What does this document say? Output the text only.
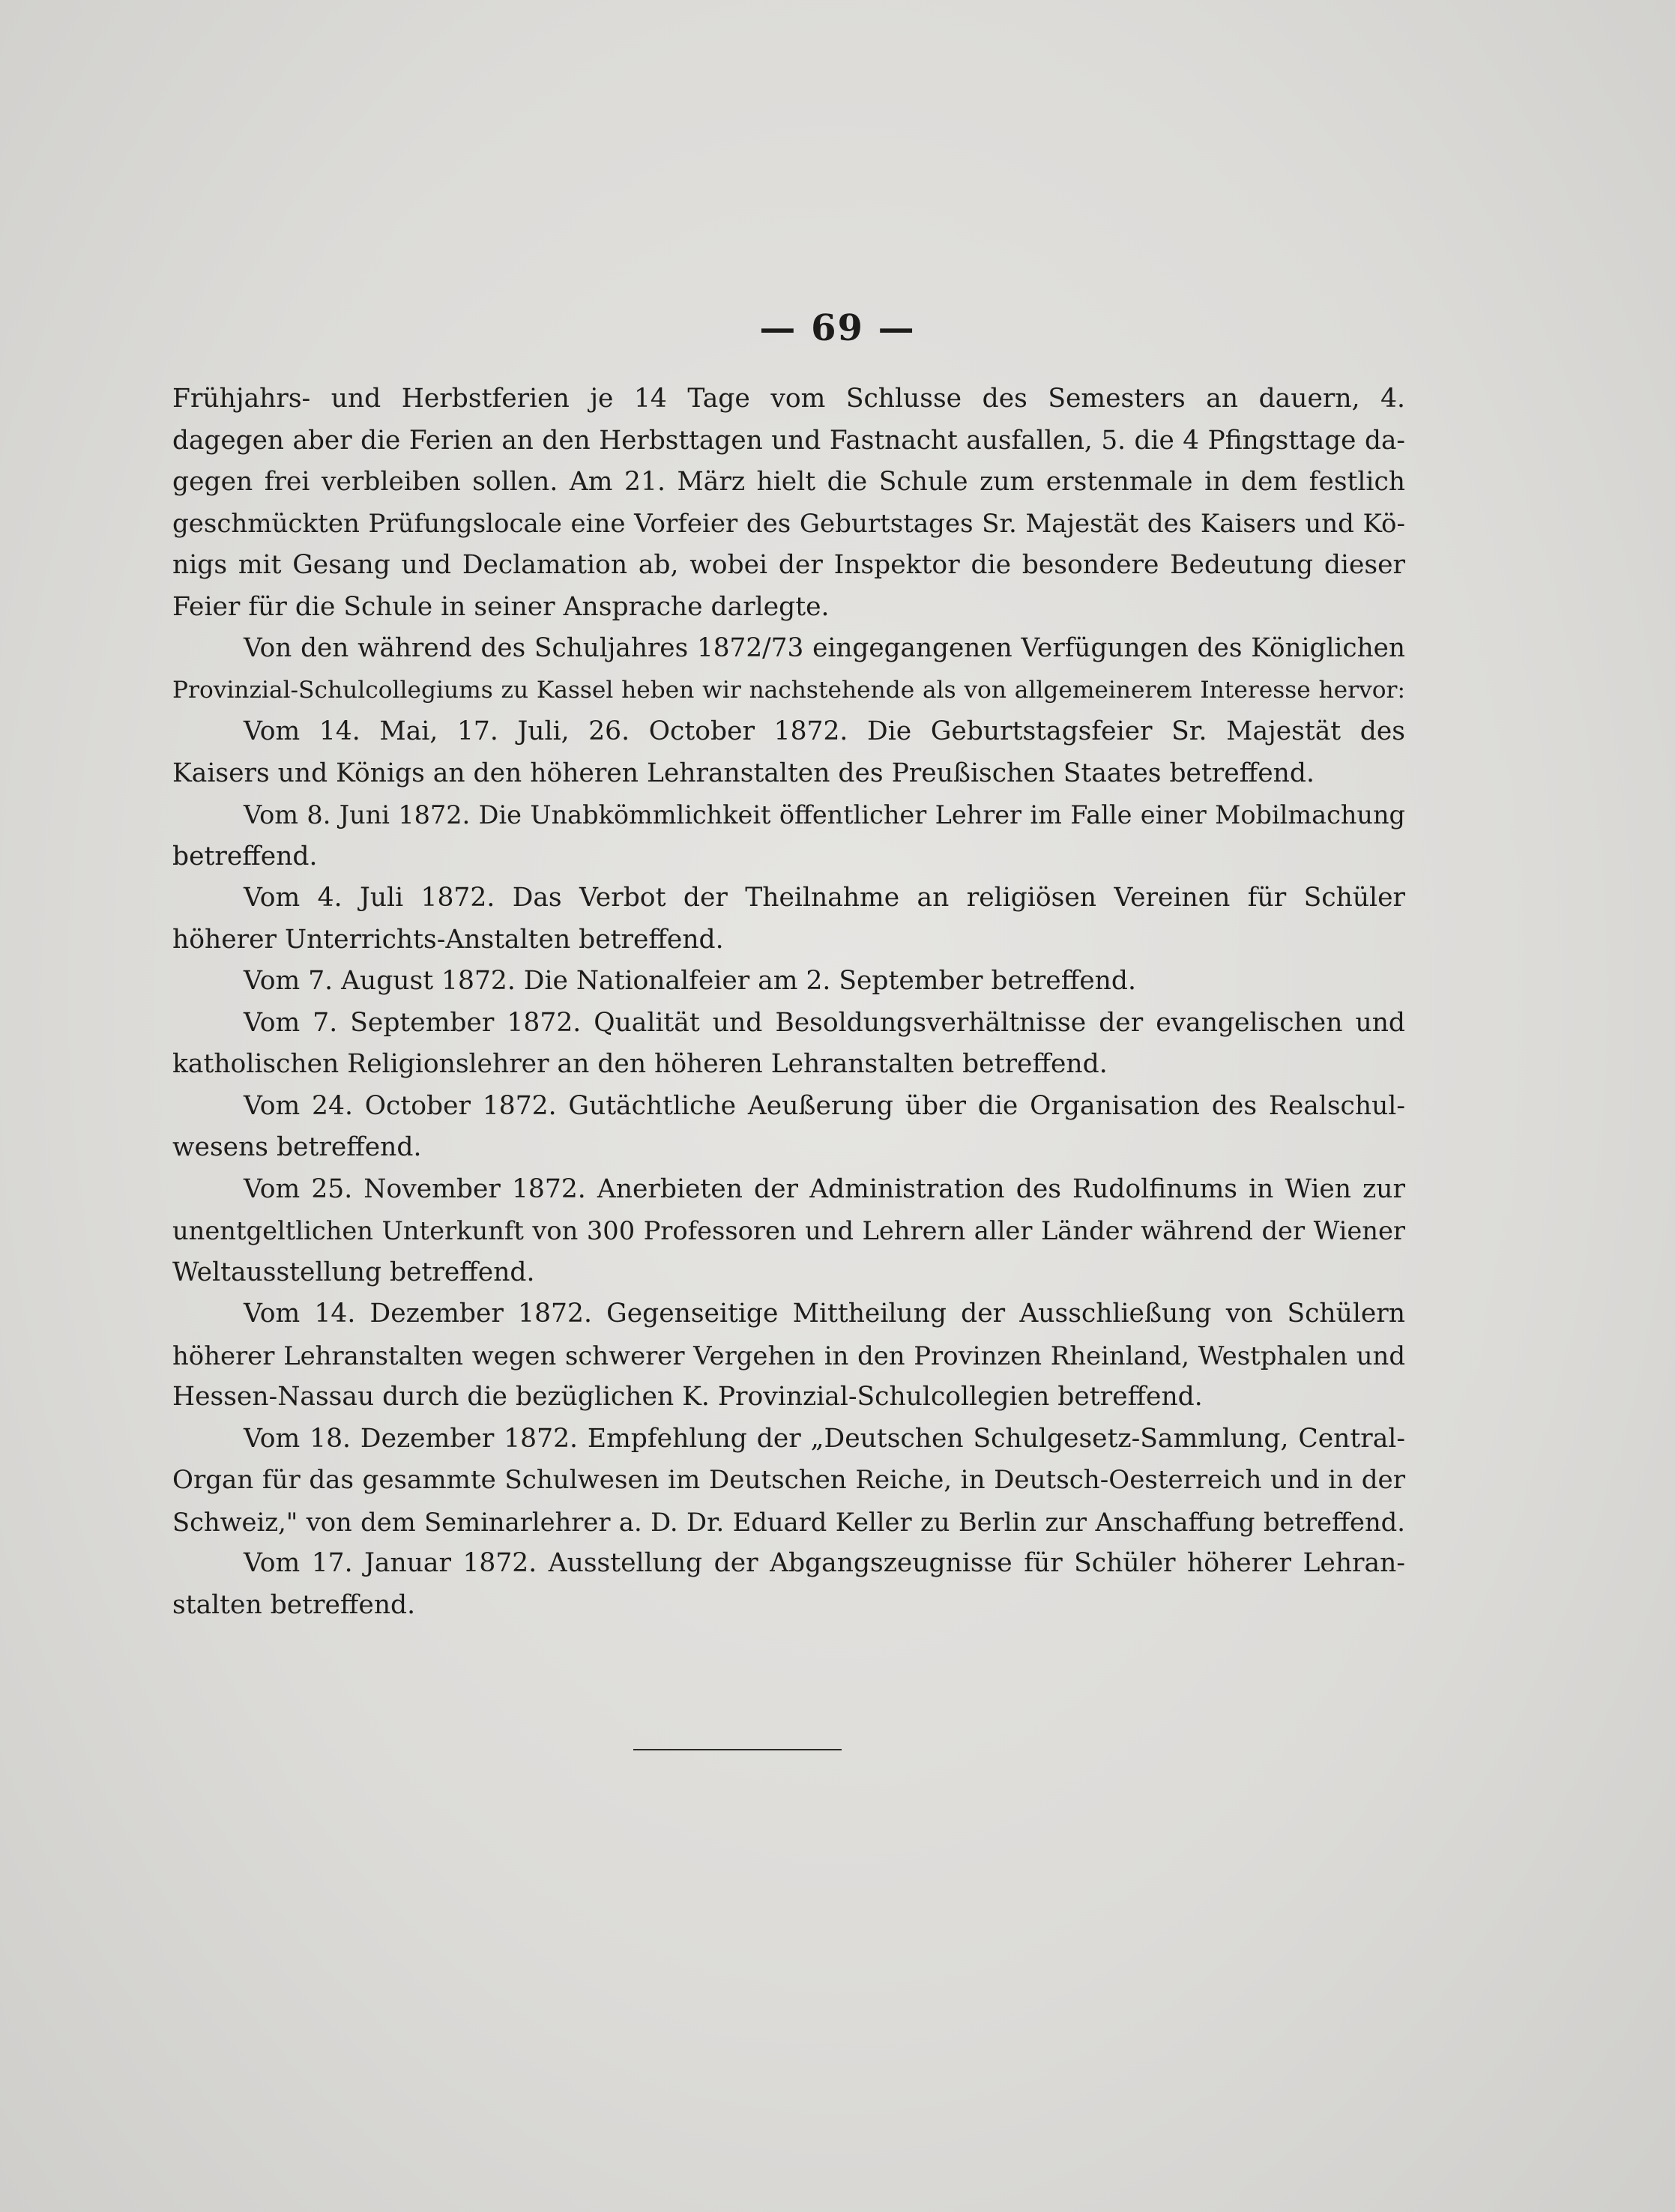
— 69 —
Frühjahrs- und Herbstferien je 14 Tage vom Schlusse des Semesters an dauern, 4.
dagegen aber die Ferien an den Herbsttagen und Fastnacht ausfallen, 5. die 4 Pfingsttage da-
gegen frei verbleiben sollen. Am 21. März hielt die Schule zum erstenmale in dem festlich
geschmückten Prüfungslocale eine Vorfeier des Geburtstages Sr. Majestät des Kaisers und Kö-
nigs mit Gesang und Declamation ab, wobei der Inspektor die besondere Bedeutung dieser
Feier für die Schule in seiner Ansprache darlegte.
Von den während des Schuljahres 1872/73 eingegangenen Verfügungen des Königlichen
Provinzial-Schulcollegiums zu Kassel heben wir nachstehende als von allgemeinerem Interesse hervor:
Vom 14. Mai, 17. Juli, 26. October 1872. Die Geburtstagsfeier Sr. Majestät des
Kaisers und Königs an den höheren Lehranstalten des Preußischen Staates betreffend.
Vom 8. Juni 1872. Die Unabkömmlichkeit öffentlicher Lehrer im Falle einer Mobilmachung
betreffend.
Vom 4. Juli 1872. Das Verbot der Theilnahme an religiösen Vereinen für Schüler
höherer Unterrichts-Anstalten betreffend.
Vom 7. August 1872. Die Nationalfeier am 2. September betreffend.
Vom 7. September 1872. Qualität und Besoldungsverhältnisse der evangelischen und
katholischen Religionslehrer an den höheren Lehranstalten betreffend.
Vom 24. October 1872. Gutächtliche Aeußerung über die Organisation des Realschul-
wesens betreffend.
Vom 25. November 1872. Anerbieten der Administration des Rudolfinums in Wien zur
unentgeltlichen Unterkunft von 300 Professoren und Lehrern aller Länder während der Wiener
Weltausstellung betreffend.
Vom 14. Dezember 1872. Gegenseitige Mittheilung der Ausschließung von Schülern
höherer Lehranstalten wegen schwerer Vergehen in den Provinzen Rheinland, Westphalen und
Hessen-Nassau durch die bezüglichen K. Provinzial-Schulcollegien betreffend.
Vom 18. Dezember 1872. Empfehlung der „Deutschen Schulgesetz-Sammlung, Central-
Organ für das gesammte Schulwesen im Deutschen Reiche, in Deutsch-Oesterreich und in der
Schweiz," von dem Seminarlehrer a. D. Dr. Eduard Keller zu Berlin zur Anschaffung betreffend.
Vom 17. Januar 1872. Ausstellung der Abgangszeugnisse für Schüler höherer Lehran-
stalten betreffend.
